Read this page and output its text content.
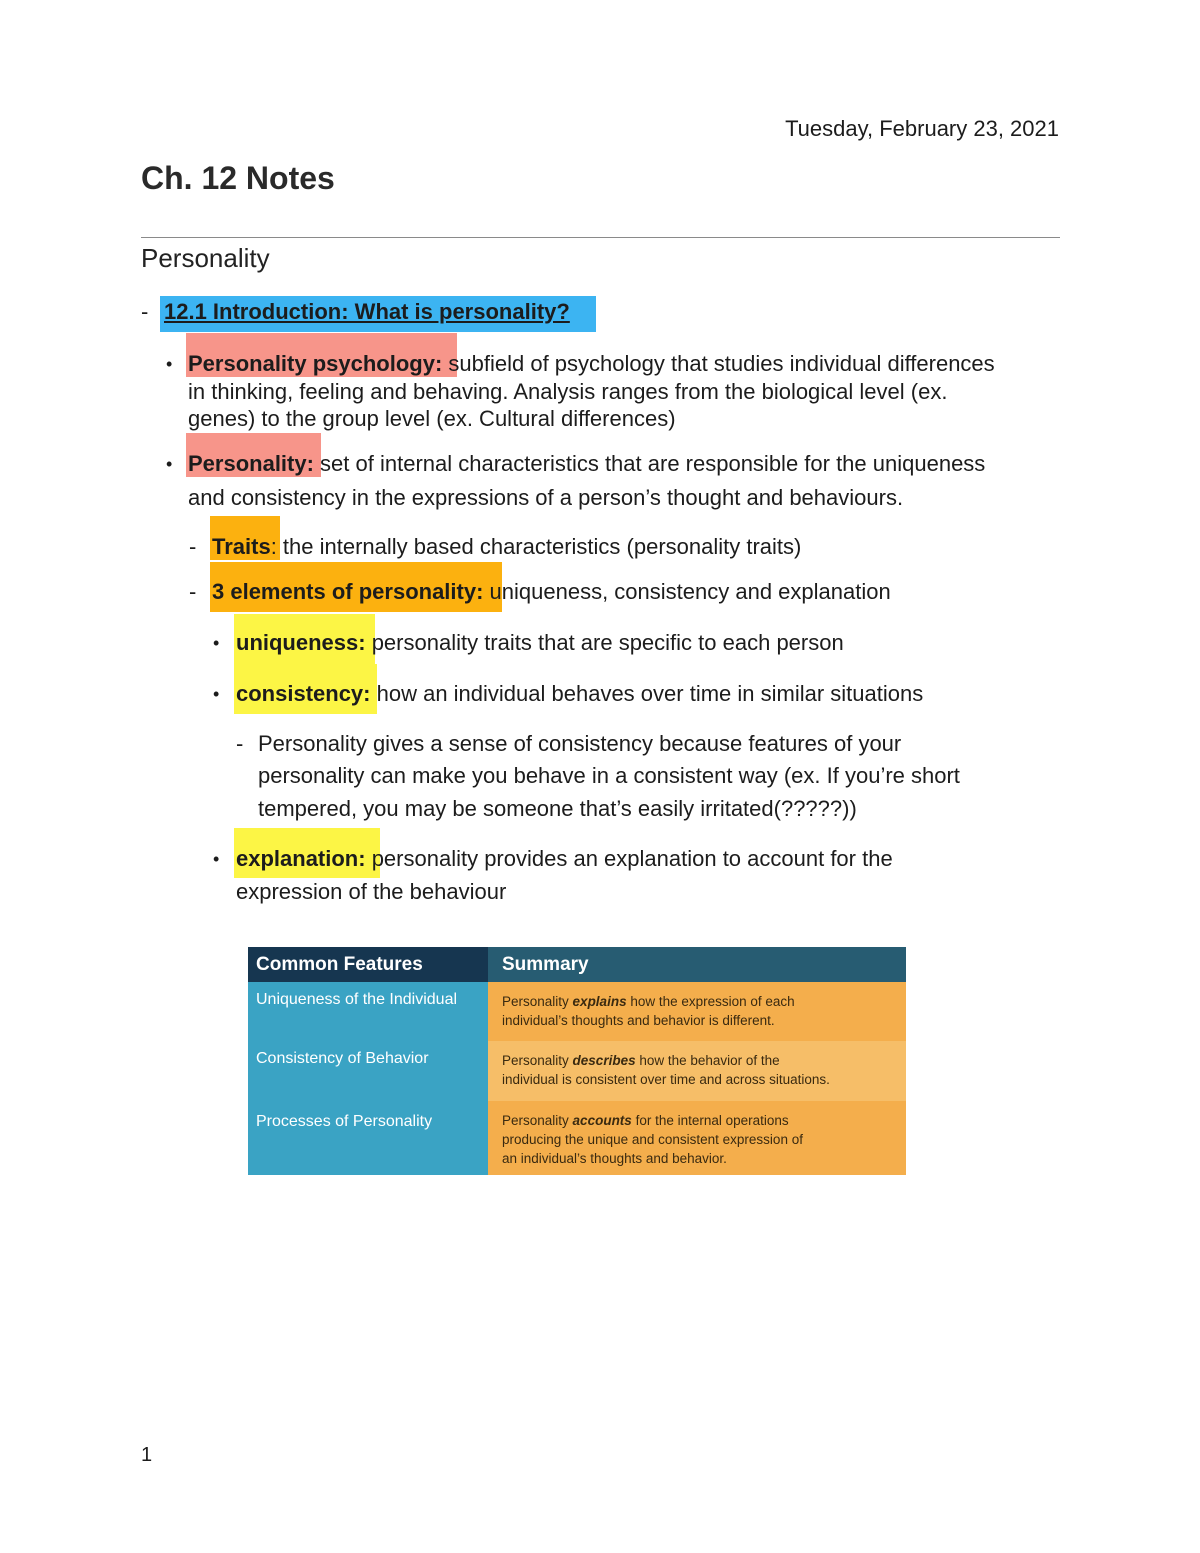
Tuesday, February 23, 2021
Ch. 12 Notes
Personality
- 12.1 Introduction: What is personality?
• Personality psychology: subfield of psychology that studies individual differences
in thinking, feeling and behaving. Analysis ranges from the biological level (ex.
genes) to the group level (ex. Cultural differences)
• Personality: set of internal characteristics that are responsible for the uniqueness
and consistency in the expressions of a person’s thought and behaviours.
- Traits: the internally based characteristics (personality traits)
- 3 elements of personality: uniqueness, consistency and explanation
• uniqueness: personality traits that are specific to each person
• consistency: how an individual behaves over time in similar situations
- Personality gives a sense of consistency because features of your
personality can make you behave in a consistent way (ex. If you’re short
tempered, you may be someone that’s easily irritated(?????))
• explanation: personality provides an explanation to account for the
expression of the behaviour
Common Features	Summary
Uniqueness of the Individual	Personality explains how the expression of each
individual’s thoughts and behavior is different.
Consistency of Behavior	Personality describes how the behavior of the
individual is consistent over time and across situations.
Processes of Personality	Personality accounts for the internal operations
producing the unique and consistent expression of
an individual’s thoughts and behavior.
1
